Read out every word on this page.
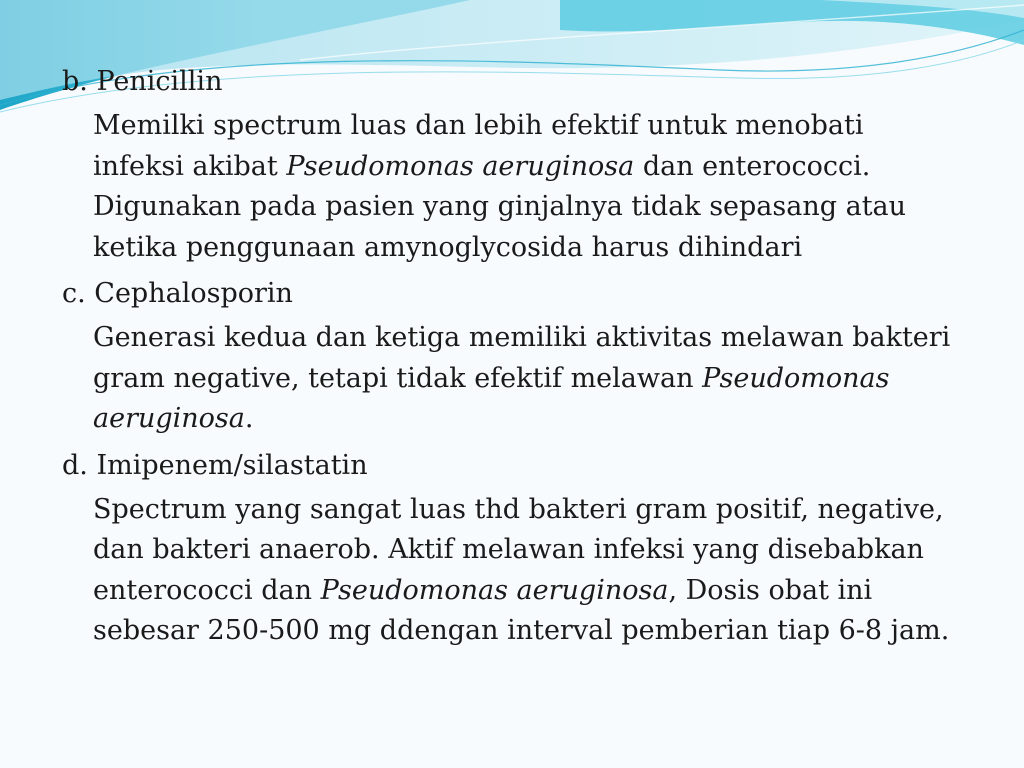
b. Penicillin

Memilki spectrum luas dan lebih efektif untuk menobati infeksi akibat Pseudomonas aeruginosa dan enterococci. Digunakan pada pasien yang ginjalnya tidak sepasang atau ketika penggunaan amynoglycosida harus dihindari

c. Cephalosporin

Generasi kedua dan ketiga memiliki aktivitas melawan bakteri gram negative, tetapi tidak efektif melawan Pseudomonas aeruginosa.

d. Imipenem/silastatin

Spectrum yang sangat luas thd bakteri gram positif, negative, dan bakteri anaerob. Aktif melawan infeksi yang disebabkan enterococci dan Pseudomonas aeruginosa, Dosis obat ini sebesar 250-500 mg ddengan interval pemberian tiap 6-8 jam.
